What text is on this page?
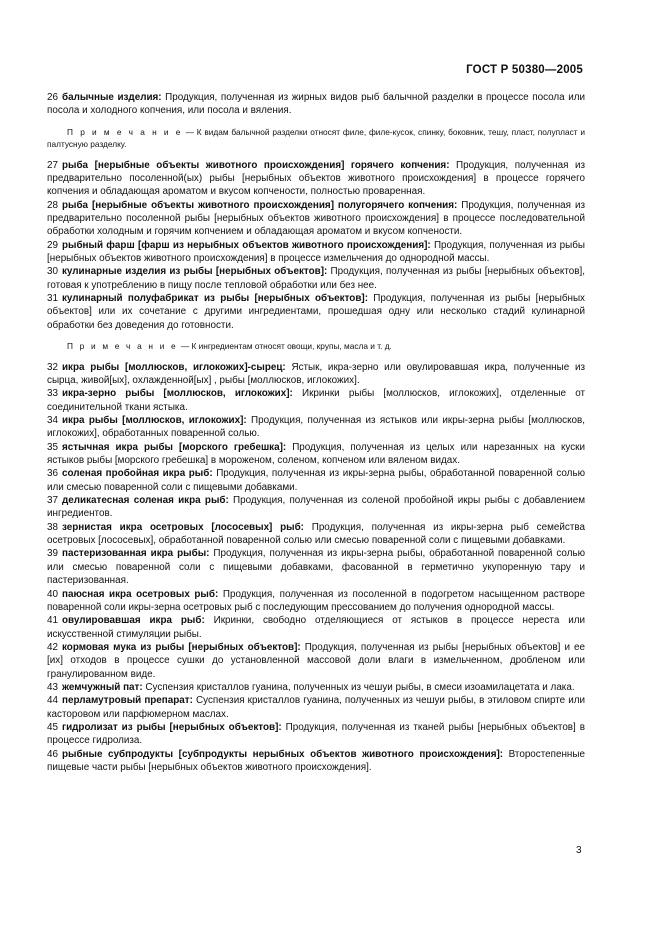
ГОСТ Р 50380—2005

26 балычные изделия: Продукция, полученная из жирных видов рыб балычной разделки в процессе посола или посола и холодного копчения, или посола и вяления.

П р и м е ч а н и е — К видам балычной разделки относят филе, филе-кусок, спинку, боковник, тешу, пласт, полупласт и палтусную разделку.

27 рыба [нерыбные объекты животного происхождения] горячего копчения: Продукция, полученная из предварительно посоленной(ых) рыбы [нерыбных объектов животного происхождения] в процессе горячего копчения и обладающая ароматом и вкусом копчености, полностью проваренная.

28 рыба [нерыбные объекты животного происхождения] полугорячего копчения: Продукция, полученная из предварительно посоленной рыбы [нерыбных объектов животного происхождения] в процессе последовательной обработки холодным и горячим копчением и обладающая ароматом и вкусом копчености.

29 рыбный фарш [фарш из нерыбных объектов животного происхождения]: Продукция, полученная из рыбы [нерыбных объектов животного происхождения] в процессе измельчения до однородной массы.

30 кулинарные изделия из рыбы [нерыбных объектов]: Продукция, полученная из рыбы [нерыбных объектов], готовая к употреблению в пищу после тепловой обработки или без нее.

31 кулинарный полуфабрикат из рыбы [нерыбных объектов]: Продукция, полученная из рыбы [нерыбных объектов] или их сочетание с другими ингредиентами, прошедшая одну или несколько стадий кулинарной обработки без доведения до готовности.

П р и м е ч а н и е — К ингредиентам относят овощи, крупы, масла и т. д.

32 икра рыбы [моллюсков, иглокожих]-сырец: Ястык, икра-зерно или овулировавшая икра, полученные из сырца, живой[ых], охлажденной[ых] , рыбы [моллюсков, иглокожих].

33 икра-зерно рыбы [моллюсков, иглокожих]: Икринки рыбы [моллюсков, иглокожих], отделенные от соединительной ткани ястыка.

34 икра рыбы [моллюсков, иглокожих]: Продукция, полученная из ястыков или икры-зерна рыбы [моллюсков, иглокожих], обработанных поваренной солью.

35 ястычная икра рыбы [морского гребешка]: Продукция, полученная из целых или нарезанных на куски ястыков рыбы [морского гребешка] в мороженом, соленом, копченом или вяленом видах.

36 соленая пробойная икра рыб: Продукция, полученная из икры-зерна рыбы, обработанной поваренной солью или смесью поваренной соли с пищевыми добавками.

37 деликатесная соленая икра рыб: Продукция, полученная из соленой пробойной икры рыбы с добавлением ингредиентов.

38 зернистая икра осетровых [лососевых] рыб: Продукция, полученная из икры-зерна рыб семейства осетровых [лососевых], обработанной поваренной солью или смесью поваренной соли с пищевыми добавками.

39 пастеризованная икра рыбы: Продукция, полученная из икры-зерна рыбы, обработанной поваренной солью или смесью поваренной соли с пищевыми добавками, фасованной в герметично укупоренную тару и пастеризованная.

40 паюсная икра осетровых рыб: Продукция, полученная из посоленной в подогретом насыщенном растворе поваренной соли икры-зерна осетровых рыб с последующим прессованием до получения однородной массы.

41 овулировавшая икра рыб: Икринки, свободно отделяющиеся от ястыков в процессе нереста или искусственной стимуляции рыбы.

42 кормовая мука из рыбы [нерыбных объектов]: Продукция, полученная из рыбы [нерыбных объектов] и ее [их] отходов в процессе сушки до установленной массовой доли влаги в измельченном, дробленом или гранулированном виде.

43 жемчужный пат: Суспензия кристаллов гуанина, полученных из чешуи рыбы, в смеси изоамилацетата и лака.

44 перламутровый препарат: Суспензия кристаллов гуанина, полученных из чешуи рыбы, в этиловом спирте или касторовом или парфюмерном маслах.

45 гидролизат из рыбы [нерыбных объектов]: Продукция, полученная из тканей рыбы [нерыбных объектов] в процессе гидролиза.

46 рыбные субпродукты [субпродукты нерыбных объектов животного происхождения]: Второстепенные пищевые части рыбы [нерыбных объектов животного происхождения].

3
